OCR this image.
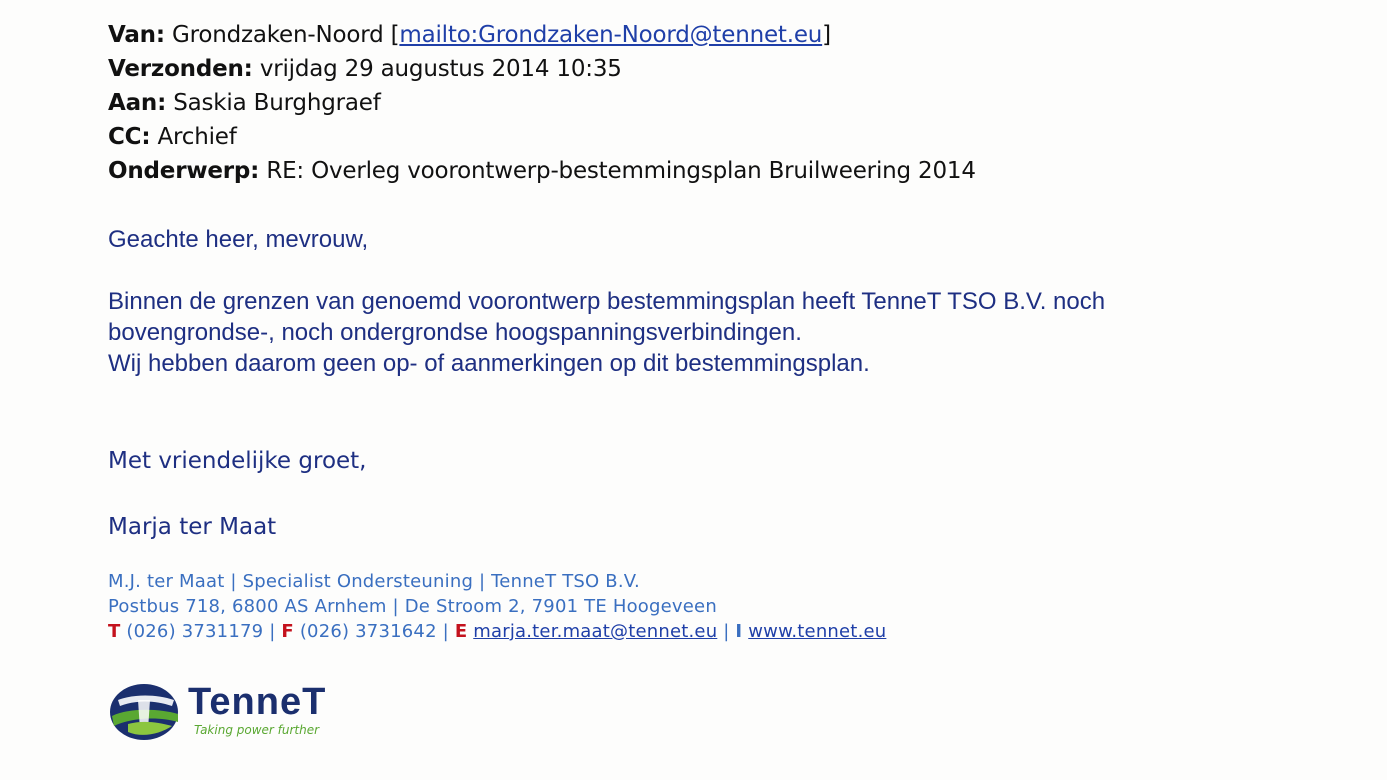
Van: Grondzaken-Noord [mailto:Grondzaken-Noord@tennet.eu]
Verzonden: vrijdag 29 augustus 2014 10:35
Aan: Saskia Burghgraef
CC: Archief
Onderwerp: RE: Overleg voorontwerp-bestemmingsplan Bruilweering 2014
Geachte heer, mevrouw,
Binnen de grenzen van genoemd voorontwerp bestemmingsplan heeft TenneT TSO B.V. noch
bovengrondse-, noch ondergrondse hoogspanningsverbindingen.
Wij hebben daarom geen op- of aanmerkingen op dit bestemmingsplan.
Met vriendelijke groet,
Marja ter Maat
M.J. ter Maat | Specialist Ondersteuning | TenneT TSO B.V.
Postbus 718, 6800 AS Arnhem | De Stroom 2, 7901 TE Hoogeveen
T (026) 3731179 | F (026) 3731642 | E marja.ter.maat@tennet.eu | I www.tennet.eu
TenneT
Taking power further
